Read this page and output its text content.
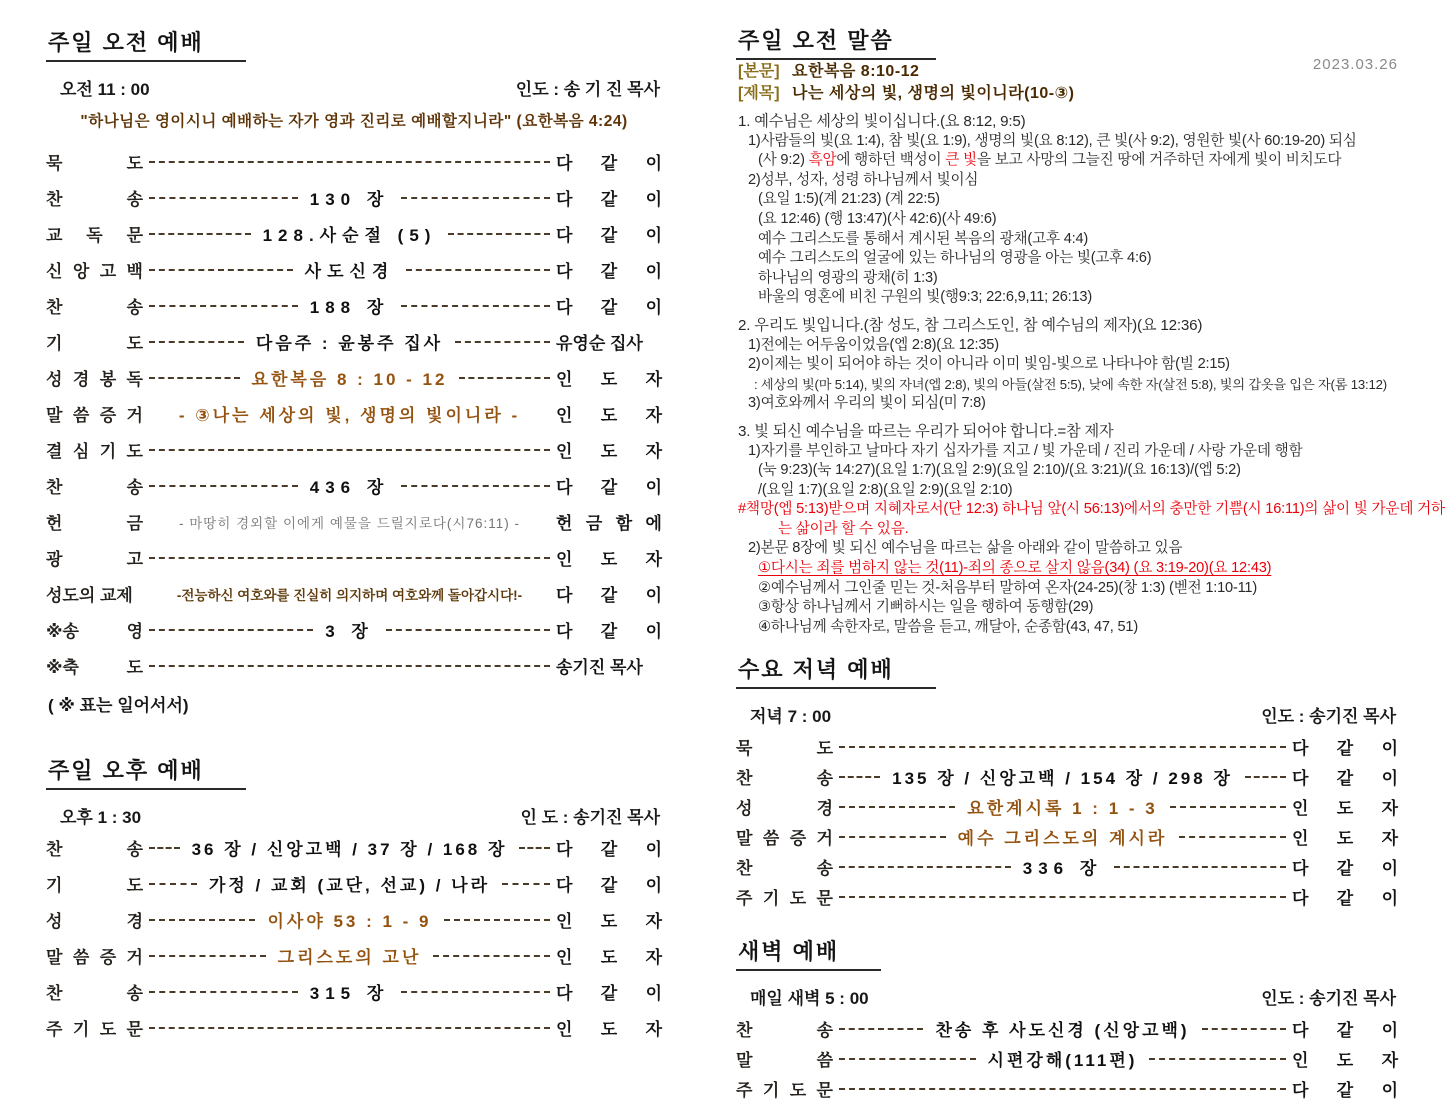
주일 오전 예배
오전 11 : 00	인도 : 송 기 진 목사
"하나님은 영이시니 예배하는 자가 영과 진리로 예배할지니라" (요한복음 4:24)
묵	도	다 같 이
찬	송	130 장	다 같 이
교 독 문	128.사순절 (5)	다 같 이
신 앙 고 백	사도신경	다 같 이
찬	송	188 장	다 같 이
기	도	다음주 : 윤봉주 집사	유영순 집사
성 경 봉 독	요한복음 8 : 10 - 12	인 도 자
말 씀 증 거	- ③나는 세상의 빛, 생명의 빛이니라 -	인 도 자
결 심 기 도	인 도 자
찬	송	436 장	다 같 이
헌	금	- 마땅히 경외할 이에게 예물을 드릴지로다(시76:11) -	헌 금 함 에
광	고	인 도 자
성도의 교제	-전능하신 여호와를 진실히 의지하며 여호와께 돌아갑시다!-	다 같 이
※송	영	3 장	다 같 이
※축	도	송기진 목사
( ※ 표는 일어서서)
주일 오후 예배
오후 1 : 30	인 도 : 송기진 목사
찬	송	36 장 / 신앙고백 / 37 장 / 168 장	다 같 이
기	도	가정 / 교회 (교단, 선교) / 나라	다 같 이
성	경	이사야 53 : 1 - 9	인 도 자
말 씀 증 거	그리스도의 고난	인 도 자
찬	송	315 장	다 같 이
주 기 도 문	인 도 자
주일 오전 말씀
2023.03.26
[본문] 요한복음 8:10-12
[제목] 나는 세상의 빛, 생명의 빛이니라(10-③)
1. 예수님은 세상의 빛이십니다.(요 8:12, 9:5)
1)사람들의 빛(요 1:4), 참 빛(요 1:9), 생명의 빛(요 8:12), 큰 빛(사 9:2), 영원한 빛(사 60:19-20) 되심
(사 9:2) 흑암에 행하던 백성이 큰 빛을 보고 사망의 그늘진 땅에 거주하던 자에게 빛이 비치도다
2)성부, 성자, 성령 하나님께서 빛이심
(요일 1:5)(계 21:23) (계 22:5)
(요 12:46) (행 13:47)(사 42:6)(사 49:6)
예수 그리스도를 통해서 계시된 복음의 광채(고후 4:4)
예수 그리스도의 얼굴에 있는 하나님의 영광을 아는 빛(고후 4:6)
하나님의 영광의 광채(히 1:3)
바울의 영혼에 비친 구원의 빛(행9:3; 22:6,9,11; 26:13)
2. 우리도 빛입니다.(참 성도, 참 그리스도인, 참 예수님의 제자)(요 12:36)
1)전에는 어두움이었음(엡 2:8)(요 12:35)
2)이제는 빛이 되어야 하는 것이 아니라 이미 빛임-빛으로 나타나야 함(빌 2:15)
: 세상의 빛(마 5:14), 빛의 자녀(엡 2:8), 빛의 아들(살전 5:5), 낮에 속한 자(살전 5:8), 빛의 갑옷을 입은 자(롬 13:12)
3)여호와께서 우리의 빛이 되심(미 7:8)
3. 빛 되신 예수님을 따르는 우리가 되어야 합니다.=참 제자
1)자기를 부인하고 날마다 자기 십자가를 지고 / 빛 가운데 / 진리 가운데 / 사랑 가운데 행함
(눅 9:23)(눅 14:27)(요일 1:7)(요일 2:9)(요일 2:10)/(요 3:21)/(요 16:13)/(엡 5:2)
/(요일 1:7)(요일 2:8)(요일 2:9)(요일 2:10)
#책망(엡 5:13)받으며 지혜자로서(단 12:3) 하나님 앞(시 56:13)에서의 충만한 기쁨(시 16:11)의 삶이 빛 가운데 거하
는 삶이라 할 수 있음.
2)본문 8장에 빛 되신 예수님을 따르는 삶을 아래와 같이 말씀하고 있음
①다시는 죄를 범하지 않는 것(11)-죄의 종으로 살지 않음(34) (요 3:19-20)(요 12:43)
②예수님께서 그인줄 믿는 것-처음부터 말하여 온자(24-25)(창 1:3) (벧전 1:10-11)
③항상 하나님께서 기뻐하시는 일을 행하여 동행함(29)
④하나님께 속한자로, 말씀을 듣고, 깨달아, 순종함(43, 47, 51)
수요 저녁 예배
저녁 7 : 00	인도 : 송기진 목사
묵	도	다 같 이
찬	송	135 장 / 신앙고백 / 154 장 / 298 장	다 같 이
성	경	요한계시록 1 : 1 - 3	인 도 자
말 씀 증 거	예수 그리스도의 계시라	인 도 자
찬	송	336 장	다 같 이
주 기 도 문	다 같 이
새벽 예배
매일 새벽 5 : 00	인도 : 송기진 목사
찬	송	찬송 후 사도신경 (신앙고백)	다 같 이
말	씀	시편강해(111편)	인 도 자
주 기 도 문	다 같 이
